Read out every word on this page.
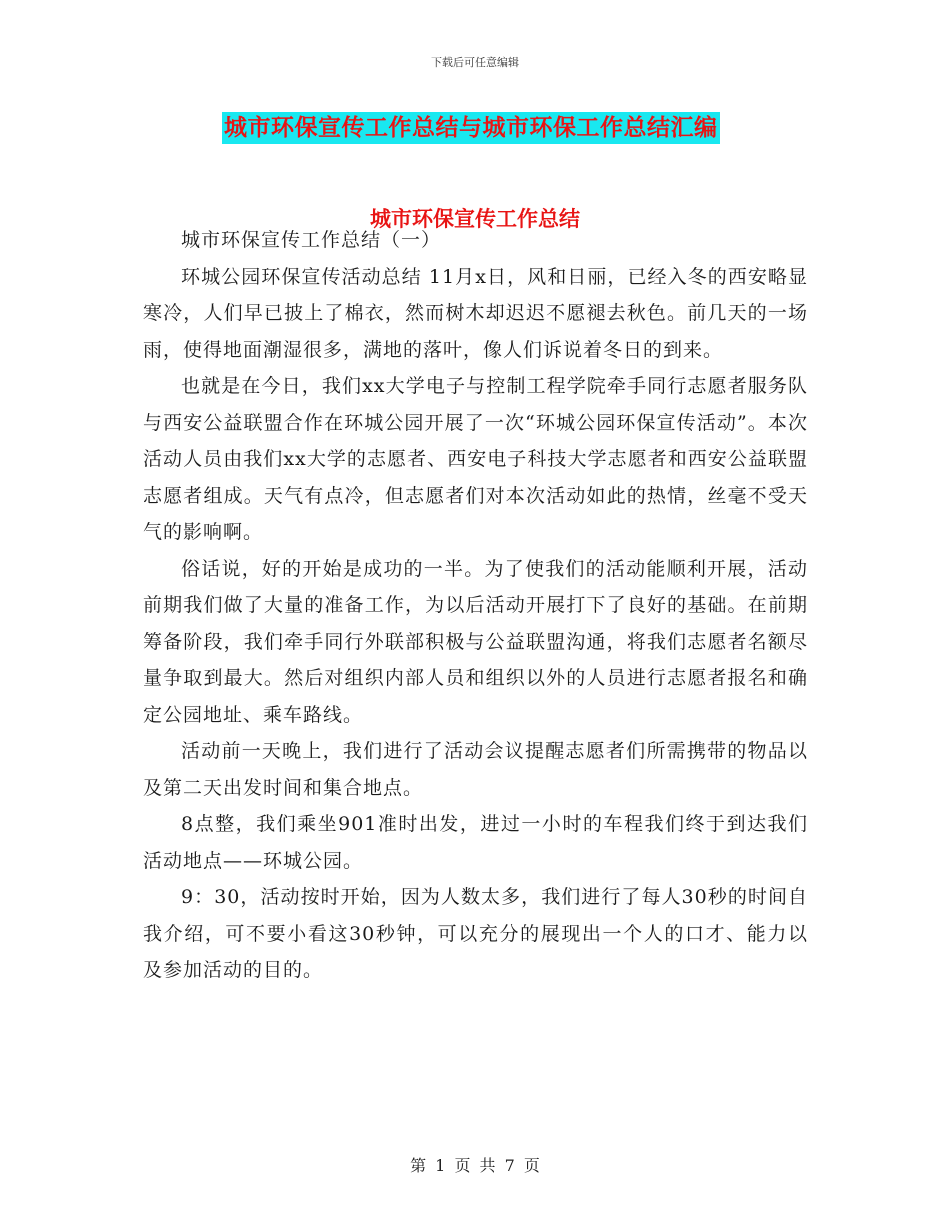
下载后可任意编辑
城市环保宣传工作总结与城市环保工作总结汇编
城市环保宣传工作总结

城市环保宣传工作总结（一）

环城公园环保宣传活动总结 11月x日，风和日丽，已经入冬的西安略显寒冷，人们早已披上了棉衣，然而树木却迟迟不愿褪去秋色。前几天的一场雨，使得地面潮湿很多，满地的落叶，像人们诉说着冬日的到来。

也就是在今日，我们xx大学电子与控制工程学院牵手同行志愿者服务队与西安公益联盟合作在环城公园开展了一次“环城公园环保宣传活动”。本次活动人员由我们xx大学的志愿者、西安电子科技大学志愿者和西安公益联盟志愿者组成。天气有点冷，但志愿者们对本次活动如此的热情，丝毫不受天气的影响啊。

俗话说，好的开始是成功的一半。为了使我们的活动能顺利开展，活动前期我们做了大量的准备工作，为以后活动开展打下了良好的基础。在前期筹备阶段，我们牵手同行外联部积极与公益联盟沟通，将我们志愿者名额尽量争取到最大。然后对组织内部人员和组织以外的人员进行志愿者报名和确定公园地址、乘车路线。

活动前一天晚上，我们进行了活动会议提醒志愿者们所需携带的物品以及第二天出发时间和集合地点。

8点整，我们乘坐901准时出发，进过一小时的车程我们终于到达我们活动地点——环城公园。

9：30，活动按时开始，因为人数太多，我们进行了每人30秒的时间自我介绍，可不要小看这30秒钟，可以充分的展现出一个人的口才、能力以及参加活动的目的。

第 1 页 共 7 页
